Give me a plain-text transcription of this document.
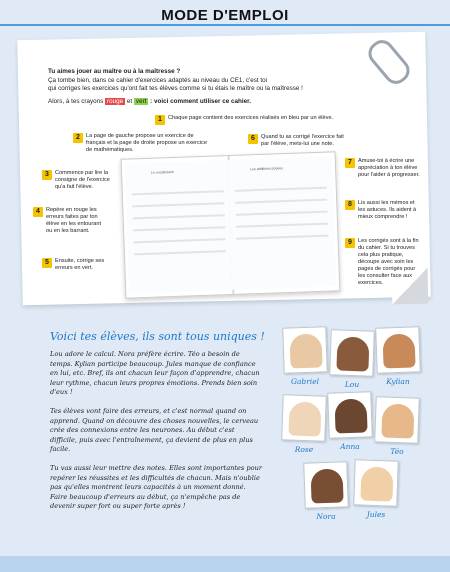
MODE D'EMPLOI

Tu aimes jouer au maître ou à la maîtresse ?
Ça tombe bien, dans ce cahier d'exercices adaptés au niveau du CE1, c'est toi
qui corriges les exercices qu'ont fait tes élèves comme si tu étais le maître ou la maîtresse !

Alors, à tes crayons rouge et vert : voici comment utiliser ce cahier.

1 Chaque page contient des exercices réalisés en bleu par un élève.
2 La page de gauche propose un exercice de français et la page de droite propose un exercice de mathématiques.
3 Commence par lire la consigne de l'exercice qu'a fait l'élève.
4 Repère en rouge les erreurs faites par ton élève en les entourant ou en les barrant.
5 Ensuite, corrige ses erreurs en vert.
6 Quand tu as corrigé l'exercice fait par l'élève, mets-lui une note.
7 Amuse-toi à écrire une appréciation à ton élève pour l'aider à progresser.
8 Lis aussi les mémos et les astuces. Ils aident à mieux comprendre !
9 Les corrigés sont à la fin du cahier. Si tu trouves cela plus pratique, découpe avec soin les pages de corrigés pour les consulter face aux exercices.
Le vocabulaire
Les additions posées
Voici tes élèves, ils sont tous uniques !

Lou adore le calcul. Nora préfère écrire. Téo a besoin de temps. Kylian participe beaucoup. Jules manque de confiance en lui, etc. Bref, ils ont chacun leur façon d'apprendre, chacun leur rythme, chacun leurs propres émotions. Prends bien soin d'eux !

Tes élèves vont faire des erreurs, et c'est normal quand on apprend. Quand on découvre des choses nouvelles, le cerveau crée des connexions entre les neurones. Au début c'est difficile, puis avec l'entraînement, ça devient de plus en plus facile.

Tu vas aussi leur mettre des notes. Elles sont importantes pour repérer les réussites et les difficultés de chacun. Mais n'oublie pas qu'elles montrent leurs capacités à un moment donné. Faire beaucoup d'erreurs au début, ça n'empêche pas de devenir super fort ou super forte après !

Gabriel	Lou	Kylian
Rose	Anna
Téo
Nora	Jules
